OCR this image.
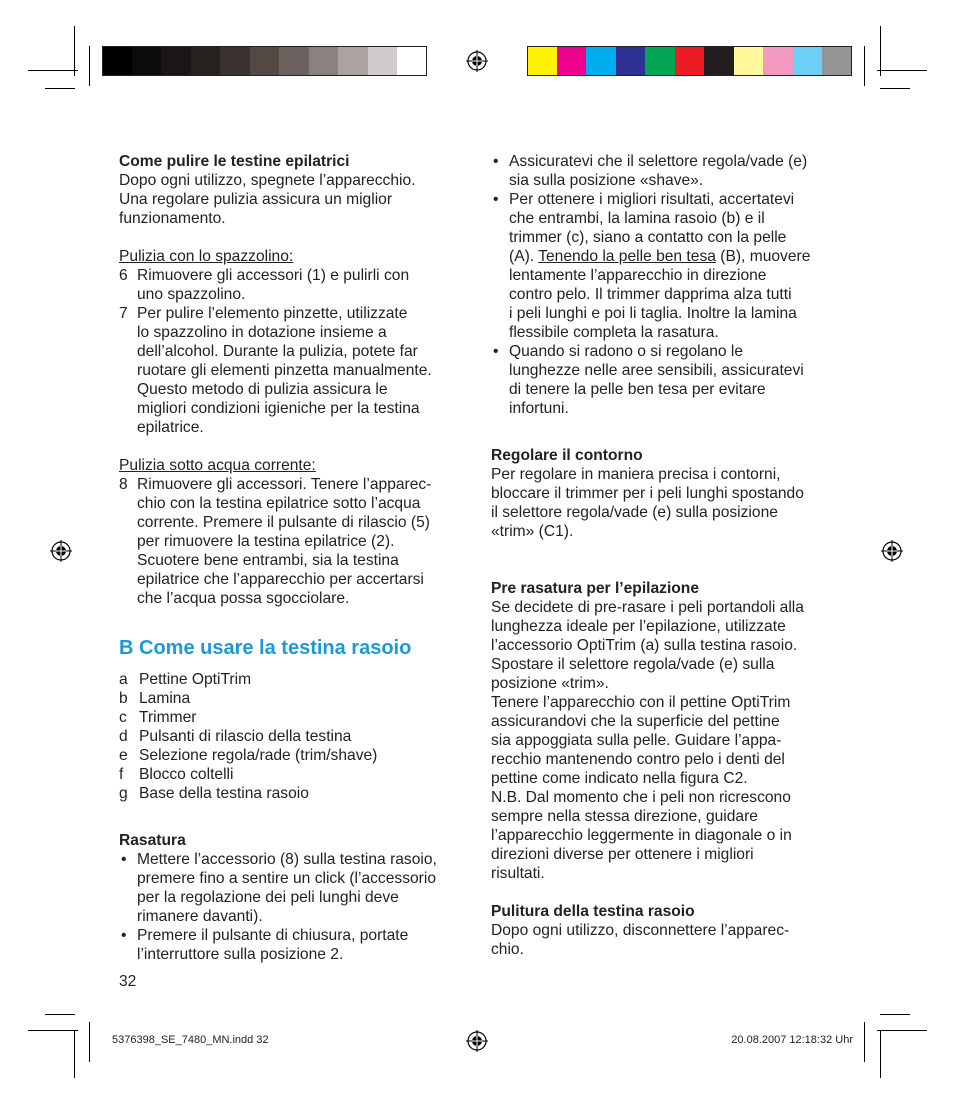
Come pulire le testine epilatrici
Dopo ogni utilizzo, spegnete l’apparecchio.
Una regolare pulizia assicura un miglior
funzionamento.
Pulizia con lo spazzolino:
6 Rimuovere gli accessori (1) e pulirli con
uno spazzolino.
7 Per pulire l’elemento pinzette, utilizzate
lo spazzolino in dotazione insieme a
dell’alcohol. Durante la pulizia, potete far
ruotare gli elementi pinzetta manualmente.
Questo metodo di pulizia assicura le
migliori condizioni igieniche per la testina
epilatrice.
Pulizia sotto acqua corrente:
8 Rimuovere gli accessori. Tenere l’apparec-
chio con la testina epilatrice sotto l’acqua
corrente. Premere il pulsante di rilascio (5)
per rimuovere la testina epilatrice (2).
Scuotere bene entrambi, sia la testina
epilatrice che l’apparecchio per accertarsi
che l’acqua possa sgocciolare.
B Come usare la testina rasoio
a Pettine OptiTrim
b Lamina
c Trimmer
d Pulsanti di rilascio della testina
e Selezione regola/rade (trim/shave)
f Blocco coltelli
g Base della testina rasoio
Rasatura
• Mettere l’accessorio (8) sulla testina rasoio,
premere fino a sentire un click (l’accessorio
per la regolazione dei peli lunghi deve
rimanere davanti).
• Premere il pulsante di chiusura, portate
l’interruttore sulla posizione 2.
32
• Assicuratevi che il selettore regola/vade (e)
sia sulla posizione «shave».
• Per ottenere i migliori risultati, accertatevi
che entrambi, la lamina rasoio (b) e il
trimmer (c), siano a contatto con la pelle
(A). Tenendo la pelle ben tesa (B), muovere
lentamente l’apparecchio in direzione
contro pelo. Il trimmer dapprima alza tutti
i peli lunghi e poi li taglia. Inoltre la lamina
flessibile completa la rasatura.
• Quando si radono o si regolano le
lunghezze nelle aree sensibili, assicuratevi
di tenere la pelle ben tesa per evitare
infortuni.
Regolare il contorno
Per regolare in maniera precisa i contorni,
bloccare il trimmer per i peli lunghi spostando
il selettore regola/vade (e) sulla posizione
«trim» (C1).
Pre rasatura per l’epilazione
Se decidete di pre-rasare i peli portandoli alla
lunghezza ideale per l’epilazione, utilizzate
l’accessorio OptiTrim (a) sulla testina rasoio.
Spostare il selettore regola/vade (e) sulla
posizione «trim».
Tenere l’apparecchio con il pettine OptiTrim
assicurandovi che la superficie del pettine
sia appoggiata sulla pelle. Guidare l’appa-
recchio mantenendo contro pelo i denti del
pettine come indicato nella figura C2.
N.B. Dal momento che i peli non ricrescono
sempre nella stessa direzione, guidare
l’apparecchio leggermente in diagonale o in
direzioni diverse per ottenere i migliori
risultati.
Pulitura della testina rasoio
Dopo ogni utilizzo, disconnettere l’apparec-
chio.
5376398_SE_7480_MN.indd 32	20.08.2007 12:18:32 Uhr
